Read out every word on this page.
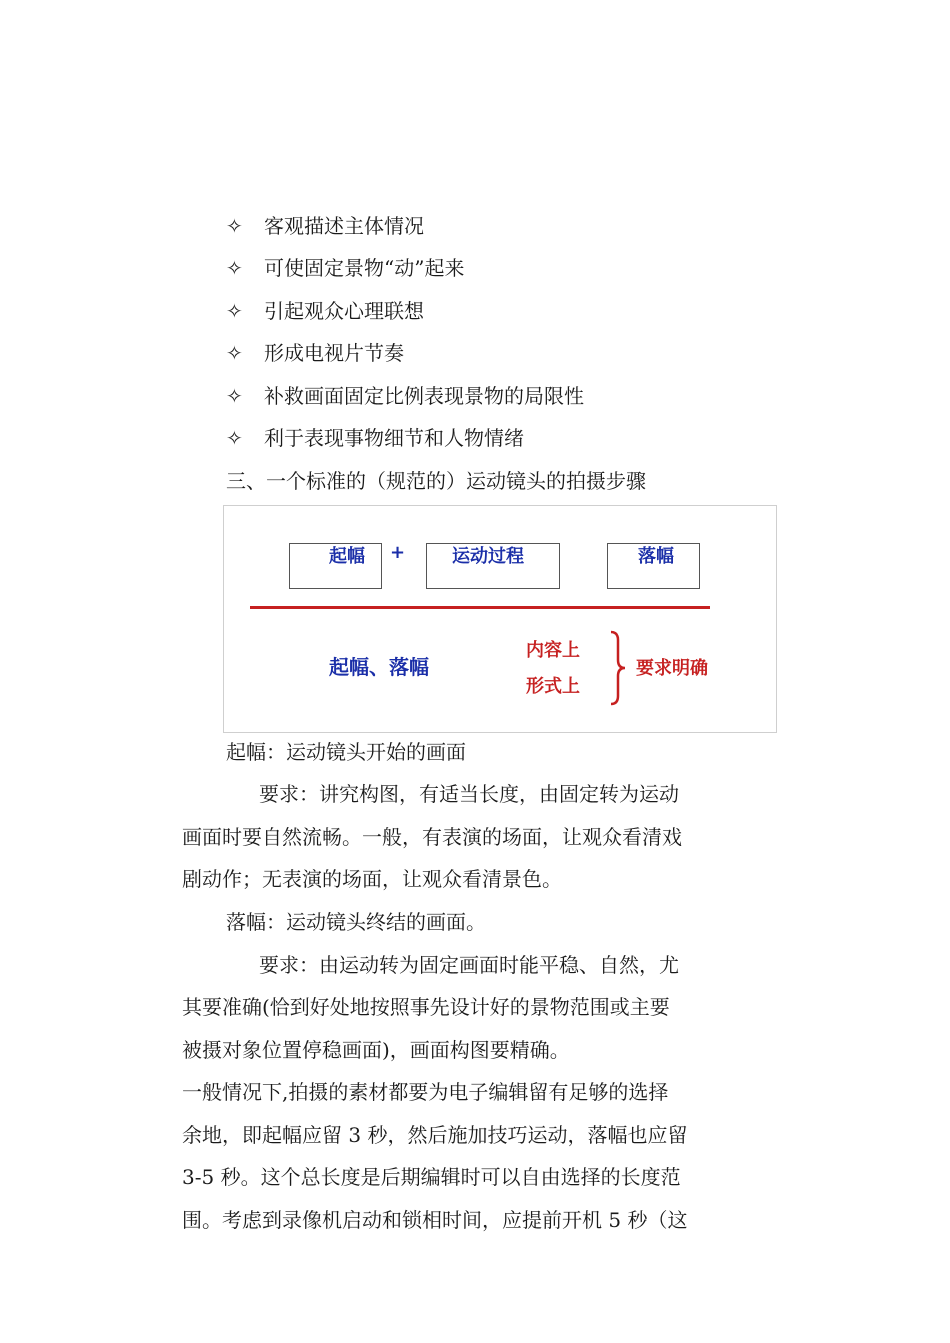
✧ 客观描述主体情况
✧ 可使固定景物“动”起来
✧ 引起观众心理联想
✧ 形成电视片节奏
✧ 补救画面固定比例表现景物的局限性
✧ 利于表现事物细节和人物情绪
三、一个标准的（规范的）运动镜头的拍摄步骤
起幅 +	运动过程	落幅
起幅、落幅
内容上
形式上
要求明确
起幅：运动镜头开始的画面
要求：讲究构图，有适当长度，由固定转为运动
画面时要自然流畅。一般，有表演的场面，让观众看清戏
剧动作；无表演的场面，让观众看清景色。
落幅：运动镜头终结的画面。
要求：由运动转为固定画面时能平稳、自然，尤
其要准确(恰到好处地按照事先设计好的景物范围或主要
被摄对象位置停稳画面)，画面构图要精确。
一般情况下,拍摄的素材都要为电子编辑留有足够的选择
余地，即起幅应留 3 秒，然后施加技巧运动，落幅也应留
3-5 秒。这个总长度是后期编辑时可以自由选择的长度范
围。考虑到录像机启动和锁相时间，应提前开机 5 秒（这
